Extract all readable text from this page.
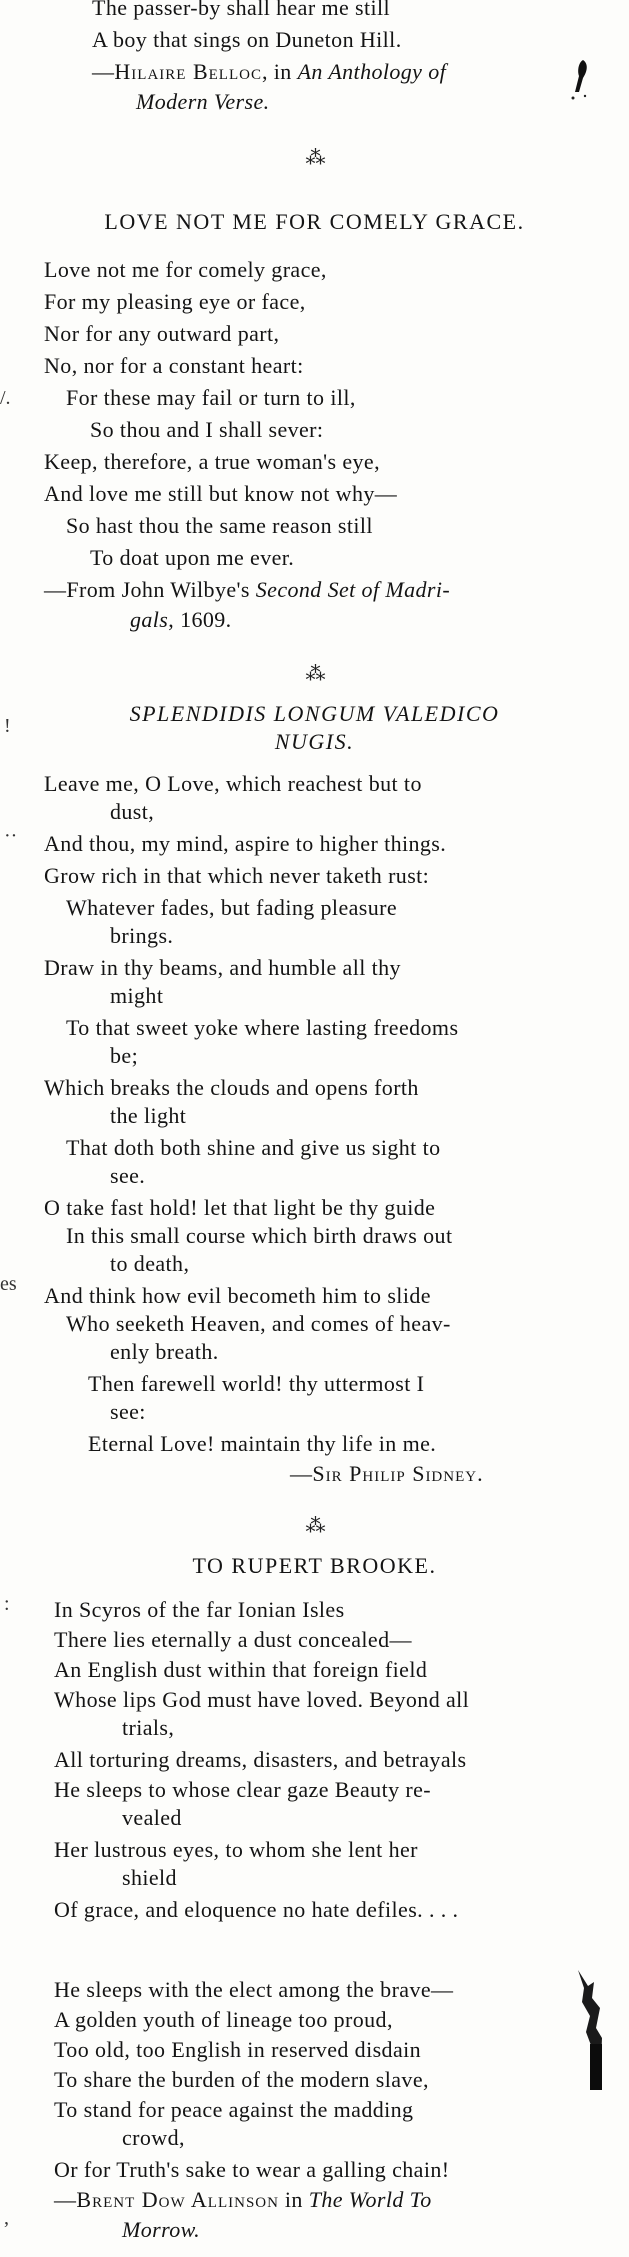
The passer-by shall hear me still
A boy that sings on Duneton Hill.
—Hilaire Belloc, in An Anthology of
Modern Verse.
⁂
LOVE NOT ME FOR COMELY GRACE.
Love not me for comely grace,
For my pleasing eye or face,
Nor for any outward part,
No, nor for a constant heart:
For these may fail or turn to ill,
So thou and I shall sever:
Keep, therefore, a true woman's eye,
And love me still but know not why—
So hast thou the same reason still
To doat upon me ever.
—From John Wilbye's Second Set of Madri-
gals, 1609.
⁂
SPLENDIDIS LONGUM VALEDICO
NUGIS.
Leave me, O Love, which reachest but to
dust,
And thou, my mind, aspire to higher things.
Grow rich in that which never taketh rust:
Whatever fades, but fading pleasure
brings.
Draw in thy beams, and humble all thy
might
To that sweet yoke where lasting freedoms
be;
Which breaks the clouds and opens forth
the light
That doth both shine and give us sight to
see.
O take fast hold! let that light be thy guide
In this small course which birth draws out
to death,
And think how evil becometh him to slide
Who seeketh Heaven, and comes of heav-
enly breath.
Then farewell world! thy uttermost I
see:
Eternal Love! maintain thy life in me.
—Sir Philip Sidney.
⁂
TO RUPERT BROOKE.
In Scyros of the far Ionian Isles
There lies eternally a dust concealed—
An English dust within that foreign field
Whose lips God must have loved. Beyond all
trials,
All torturing dreams, disasters, and betrayals
He sleeps to whose clear gaze Beauty re-
vealed
Her lustrous eyes, to whom she lent her
shield
Of grace, and eloquence no hate defiles. . . .
He sleeps with the elect among the brave—
A golden youth of lineage too proud,
Too old, too English in reserved disdain
To share the burden of the modern slave,
To stand for peace against the madding
crowd,
Or for Truth's sake to wear a galling chain!
—Brent Dow Allinson in The World To
Morrow.
/.
!
··
es
:
,
